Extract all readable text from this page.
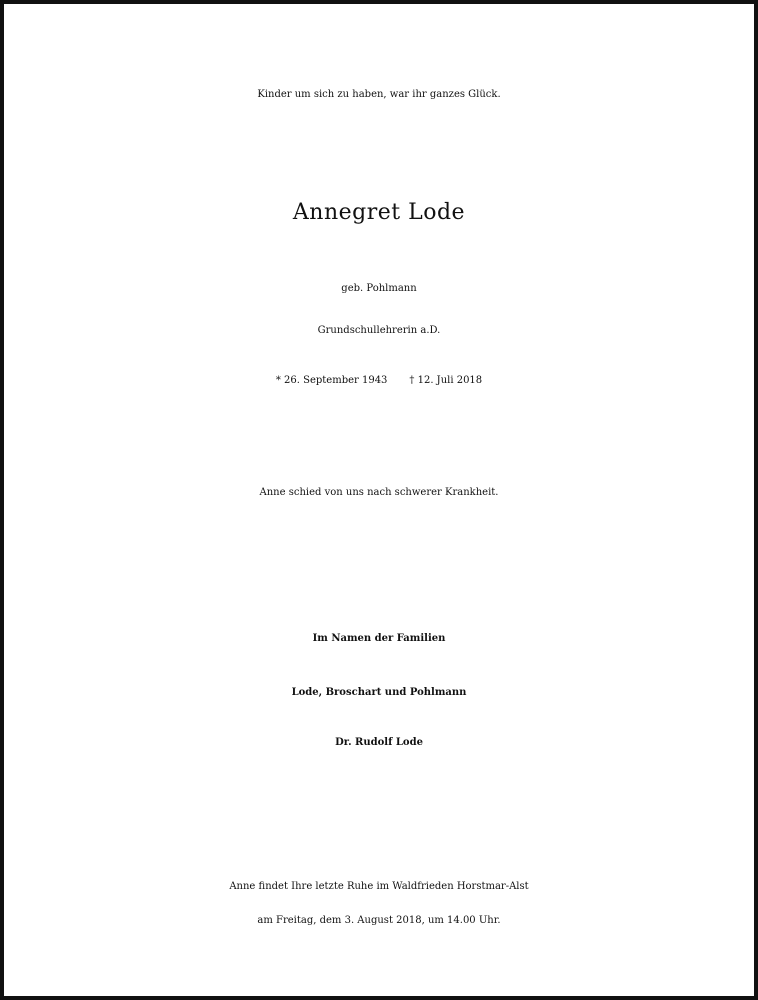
Kinder um sich zu haben, war ihr ganzes Glück.
Annegret Lode
geb. Pohlmann
Grundschullehrerin a.D.
* 26. September 1943 † 12. Juli 2018
Anne schied von uns nach schwerer Krankheit.
Im Namen der Familien
Lode, Broschart und Pohlmann
Dr. Rudolf Lode
Anne findet Ihre letzte Ruhe im Waldfrieden Horstmar-Alst
am Freitag, dem 3. August 2018, um 14.00 Uhr.
